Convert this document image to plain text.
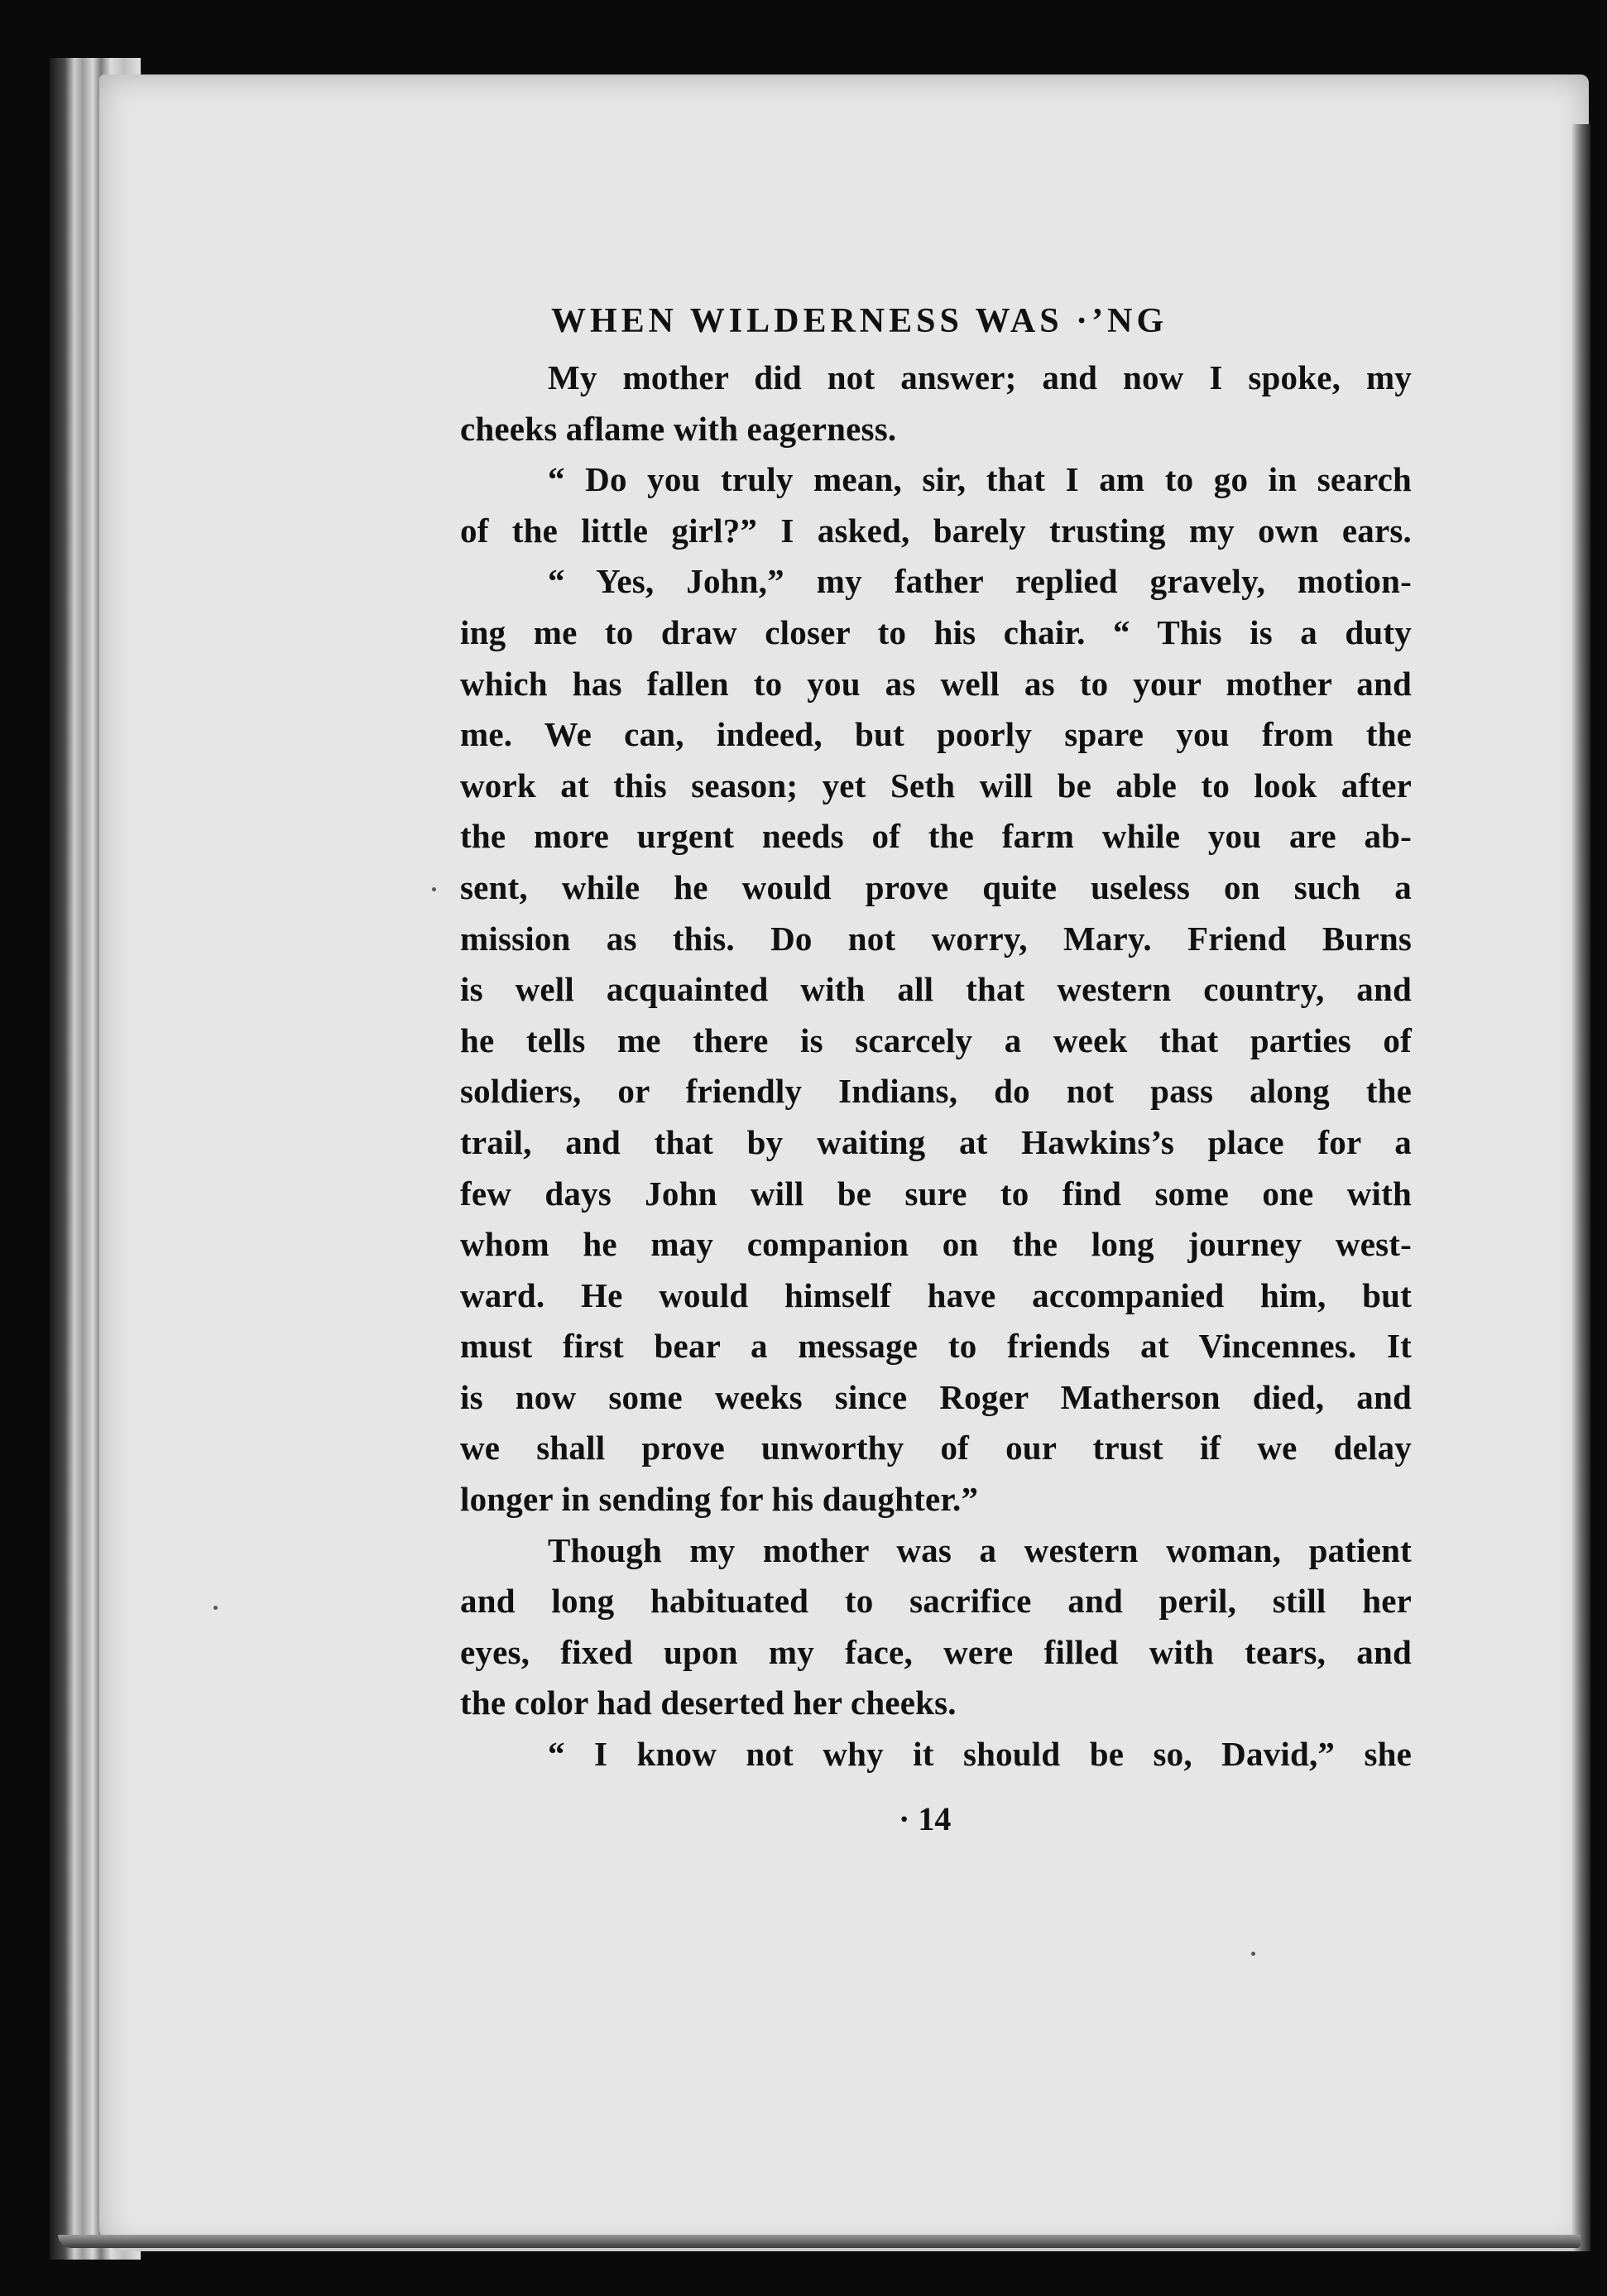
WHEN WILDERNESS WAS ·ʼNG
My mother did not answer; and now I spoke, my
cheeks aflame with eagerness.
“ Do you truly mean, sir, that I am to go in search
of the little girl?” I asked, barely trusting my own ears.
“ Yes, John,” my father replied gravely, motion-
ing me to draw closer to his chair. “ This is a duty
which has fallen to you as well as to your mother and
me. We can, indeed, but poorly spare you from the
work at this season; yet Seth will be able to look after
the more urgent needs of the farm while you are ab-
sent, while he would prove quite useless on such a
mission as this. Do not worry, Mary. Friend Burns
is well acquainted with all that western country, and
he tells me there is scarcely a week that parties of
soldiers, or friendly Indians, do not pass along the
trail, and that by waiting at Hawkins’s place for a
few days John will be sure to find some one with
whom he may companion on the long journey west-
ward. He would himself have accompanied him, but
must first bear a message to friends at Vincennes. It
is now some weeks since Roger Matherson died, and
we shall prove unworthy of our trust if we delay
longer in sending for his daughter.”
Though my mother was a western woman, patient
and long habituated to sacrifice and peril, still her
eyes, fixed upon my face, were filled with tears, and
the color had deserted her cheeks.
“ I know not why it should be so, David,” she
· 14
